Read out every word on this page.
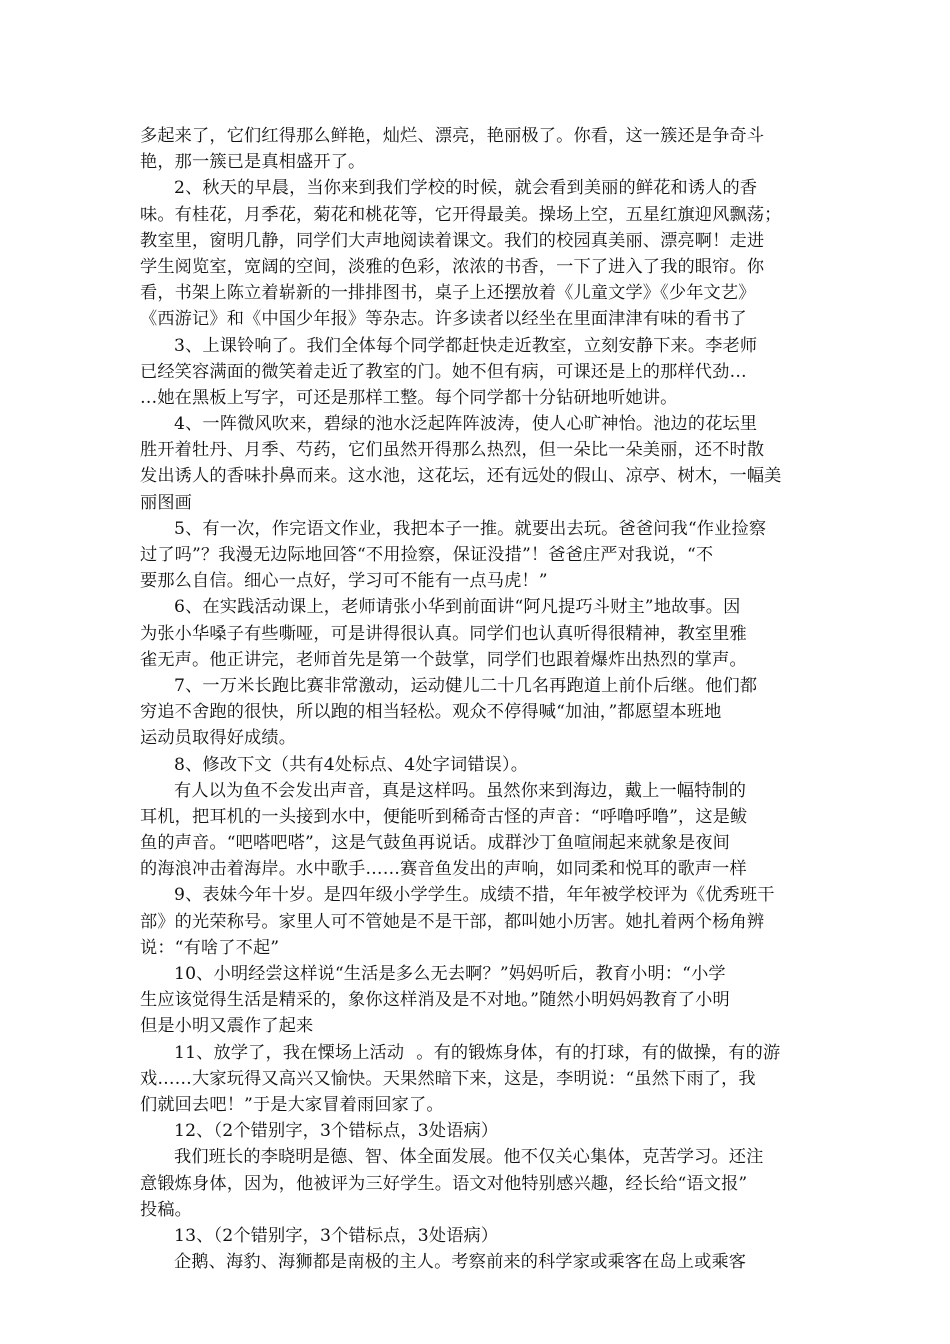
多起来了，它们红得那么鲜艳，灿烂、漂亮，艳丽极了。你看，这一簇还是争奇斗
艳，那一簇已是真相盛开了。
2、秋天的早晨，当你来到我们学校的时候，就会看到美丽的鲜花和诱人的香
味。有桂花，月季花，菊花和桃花等，它开得最美。操场上空，五星红旗迎风飘荡；
教室里，窗明几静，同学们大声地阅读着课文。我们的校园真美丽、漂亮啊！走进
学生阅览室，宽阔的空间，淡雅的色彩，浓浓的书香，一下了进入了我的眼帘。你
看，书架上陈立着崭新的一排排图书，桌子上还摆放着《儿童文学》《少年文艺》
《西游记》和《中国少年报》等杂志。许多读者以经坐在里面津津有味的看书了
3、上课铃响了。我们全体每个同学都赶快走近教室，立刻安静下来。李老师
已经笑容满面的微笑着走近了教室的门。她不但有病，可课还是上的那样代劲…
…她在黑板上写字，可还是那样工整。每个同学都十分钻研地听她讲。
4、一阵微风吹来，碧绿的池水泛起阵阵波涛，使人心旷神怡。池边的花坛里
胜开着牡丹、月季、芍药，它们虽然开得那么热烈，但一朵比一朵美丽，还不时散
发出诱人的香味扑鼻而来。这水池，这花坛，还有远处的假山、凉亭、树木，一幅美
丽图画
5、有一次，作完语文作业，我把本子一推。就要出去玩。爸爸问我“作业捡察
过了吗”？我漫无边际地回答“不用捡察，保证没措”！爸爸庄严对我说，“不
要那么自信。细心一点好，学习可不能有一点马虎！”
6、在实践活动课上，老师请张小华到前面讲“阿凡提巧斗财主”地故事。因
为张小华嗓子有些嘶哑，可是讲得很认真。同学们也认真听得很精神，教室里雅
雀无声。他正讲完，老师首先是第一个鼓掌，同学们也跟着爆炸出热烈的掌声。
7、一万米长跑比赛非常激动，运动健儿二十几名再跑道上前仆后继。他们都
穷追不舍跑的很快，所以跑的相当轻松。观众不停得喊“加油，”都愿望本班地
运动员取得好成绩。
8、修改下文（共有4处标点、4处字词错误）。
有人以为鱼不会发出声音，真是这样吗。虽然你来到海边，戴上一幅特制的
耳机，把耳机的一头接到水中，便能听到稀奇古怪的声音：“呼噜呼噜”，这是鲅
鱼的声音。“吧嗒吧嗒”，这是气鼓鱼再说话。成群沙丁鱼喧闹起来就象是夜间
的海浪冲击着海岸。水中歌手……赛音鱼发出的声响，如同柔和悦耳的歌声一样
9、表妹今年十岁。是四年级小学学生。成绩不措，年年被学校评为《优秀班干
部》的光荣称号。家里人可不管她是不是干部，都叫她小历害。她扎着两个杨角辨
说：“有啥了不起”
10、小明经尝这样说“生活是多么无去啊？”妈妈听后，教育小明：“小学
生应该觉得生活是精采的，象你这样消及是不对地。”随然小明妈妈教育了小明
但是小明又震作了起来
11、放学了，我在慄场上活动 。有的锻炼身体，有的打球，有的做操，有的游
戏……大家玩得又高兴又愉快。天果然暗下来，这是，李明说：“虽然下雨了，我
们就回去吧！”于是大家冒着雨回家了。
12、（2个错别字，3个错标点，3处语病）
我们班长的李晓明是德、智、体全面发展。他不仅关心集体，克苦学习。还注
意锻炼身体，因为，他被评为三好学生。语文对他特别感兴趣，经长给“语文报”
投稿。
13、（2个错别字，3个错标点，3处语病）
企鹅、海豹、海狮都是南极的主人。考察前来的科学家或乘客在岛上或乘客
